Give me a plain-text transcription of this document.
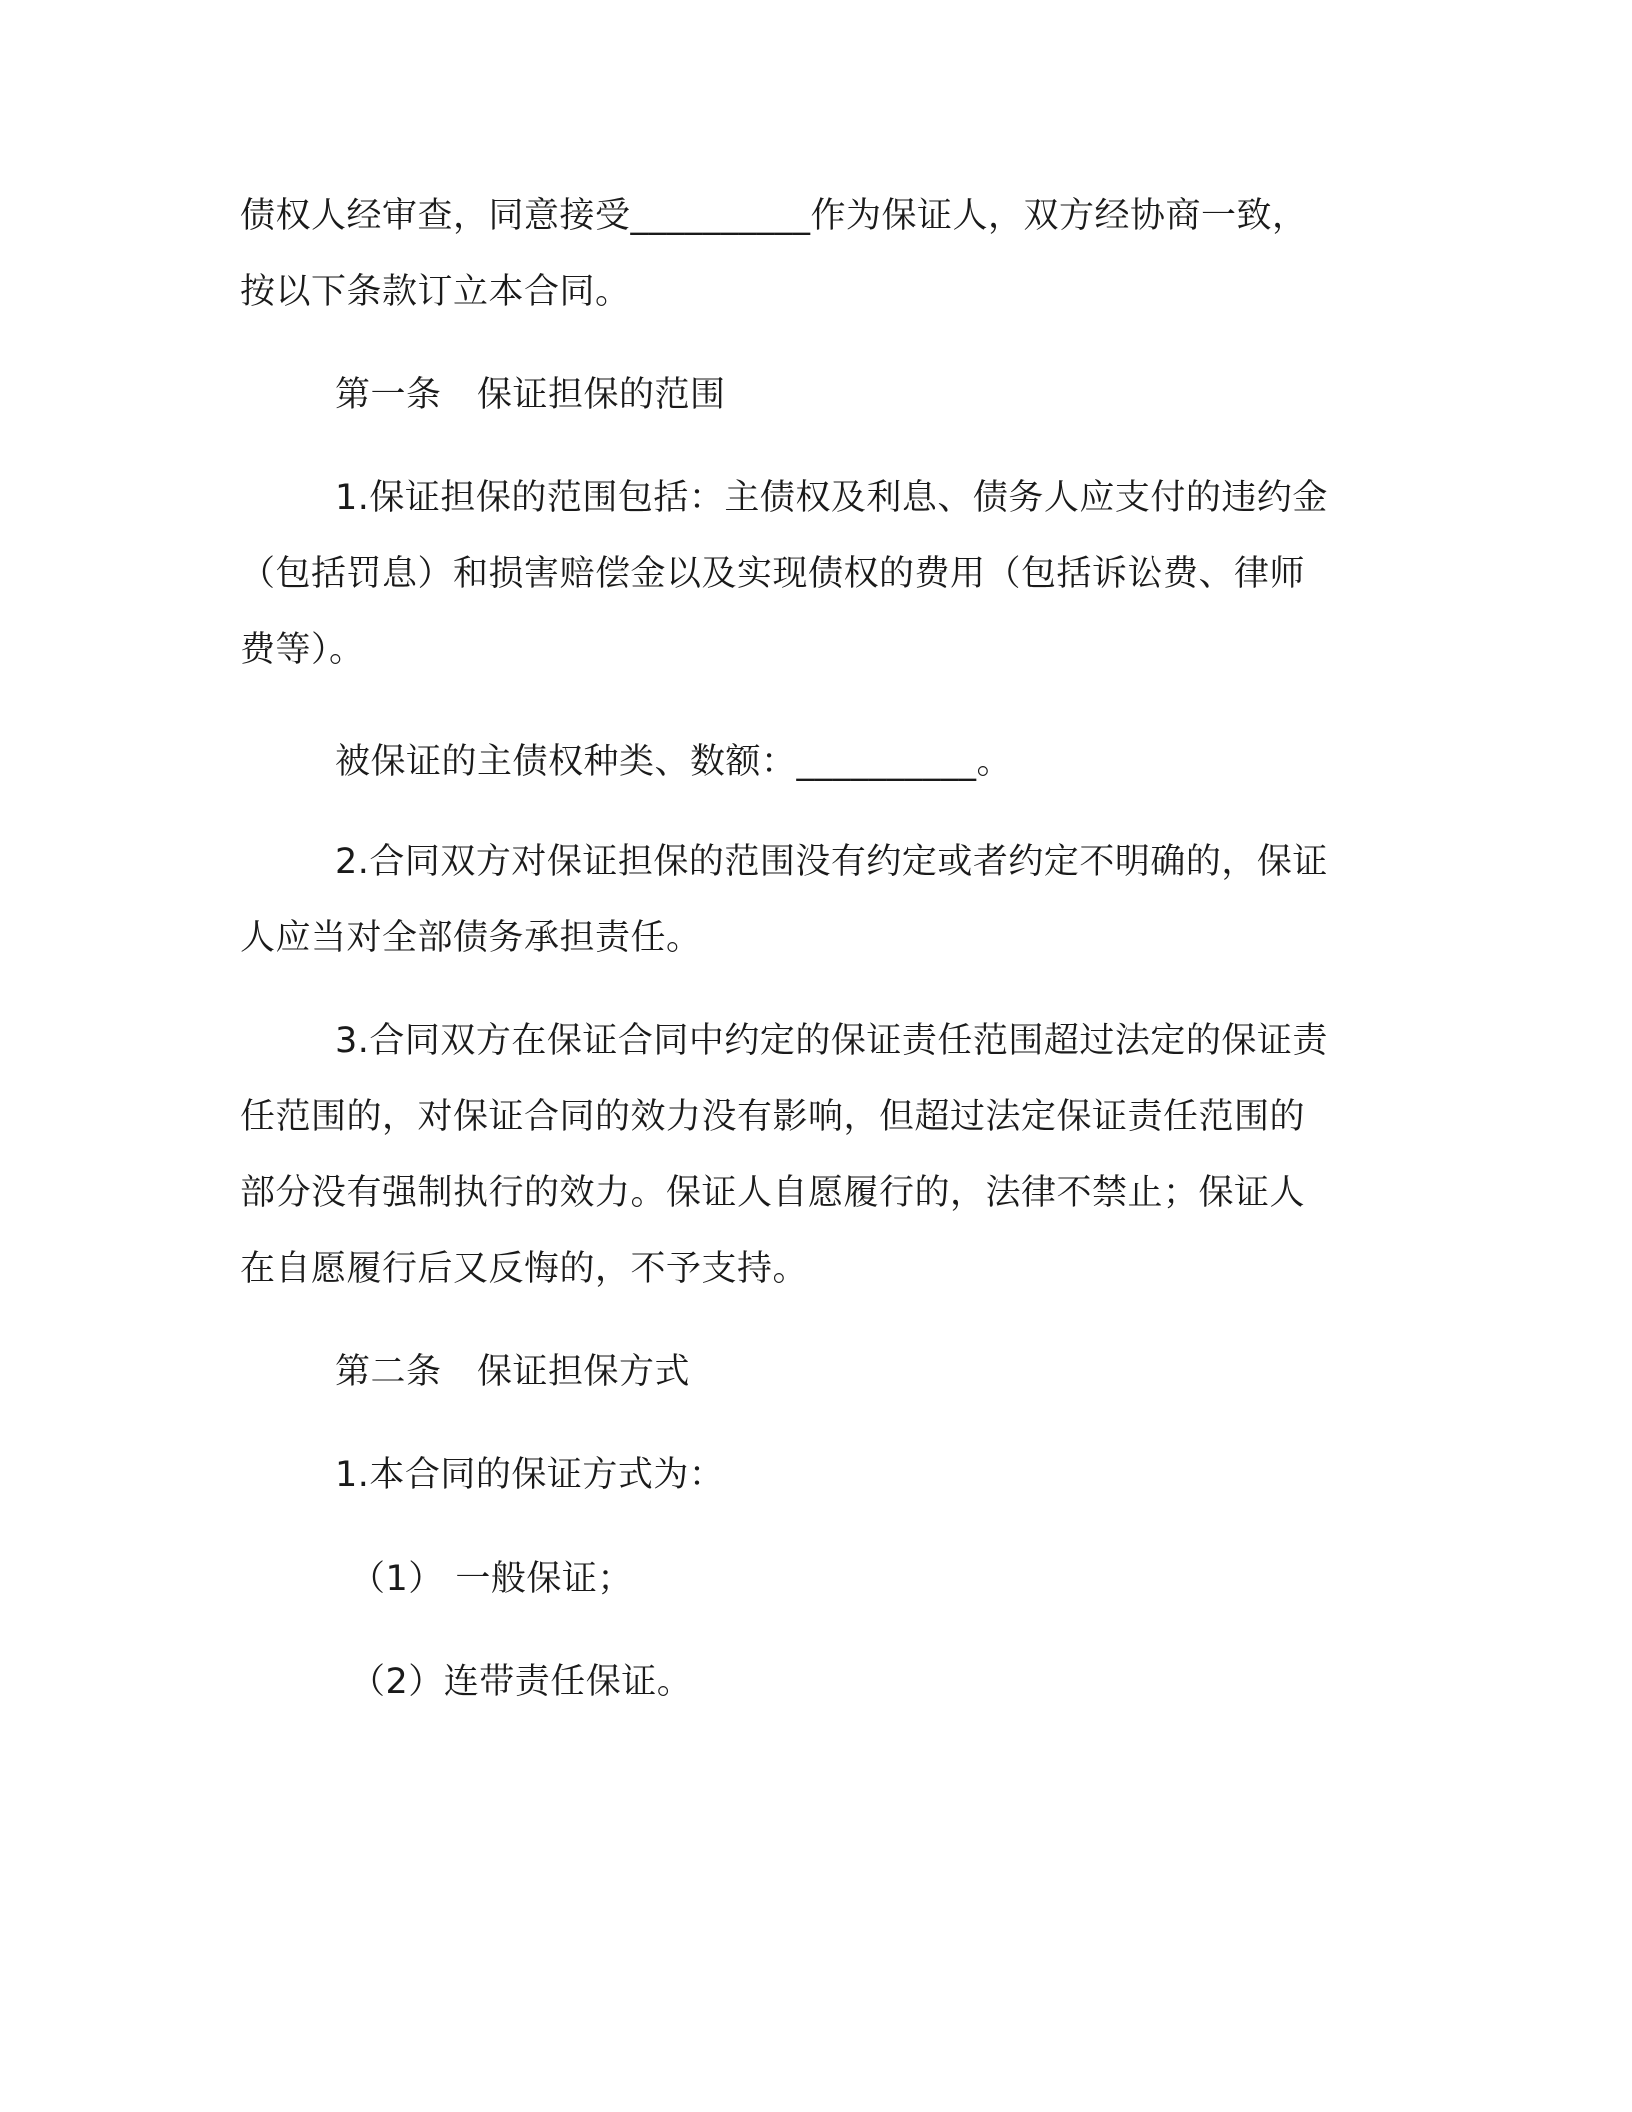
债权人经审查，同意接受__________作为保证人，双方经协商一致，
按以下条款订立本合同。
第一条　保证担保的范围
1.保证担保的范围包括：主债权及利息、债务人应支付的违约金
（包括罚息）和损害赔偿金以及实现债权的费用（包括诉讼费、律师
费等）。
被保证的主债权种类、数额：__________。
2.合同双方对保证担保的范围没有约定或者约定不明确的，保证
人应当对全部债务承担责任。
3.合同双方在保证合同中约定的保证责任范围超过法定的保证责
任范围的，对保证合同的效力没有影响，但超过法定保证责任范围的
部分没有强制执行的效力。保证人自愿履行的，法律不禁止；保证人
在自愿履行后又反悔的，不予支持。
第二条　保证担保方式
1.本合同的保证方式为：
（1） 一般保证；
（2）连带责任保证。
